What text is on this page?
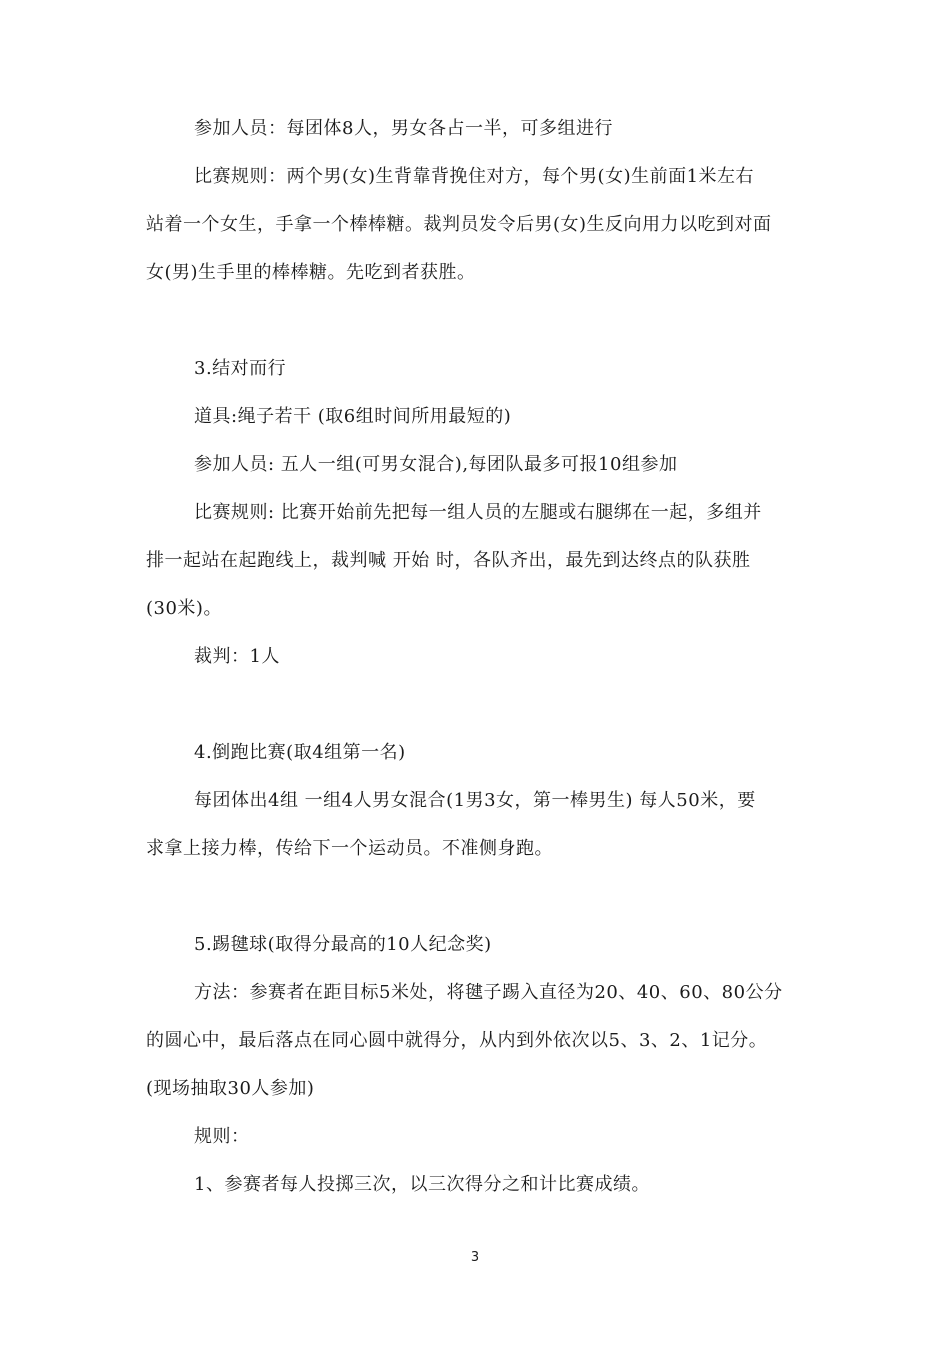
参加人员：每团体8人，男女各占一半，可多组进行
比赛规则：两个男(女)生背靠背挽住对方，每个男(女)生前面1米左右
站着一个女生，手拿一个棒棒糖。裁判员发令后男(女)生反向用力以吃到对面
女(男)生手里的棒棒糖。先吃到者获胜。
3.结对而行
道具:绳子若干 (取6组时间所用最短的)
参加人员: 五人一组(可男女混合),每团队最多可报10组参加
比赛规则: 比赛开始前先把每一组人员的左腿或右腿绑在一起，多组并
排一起站在起跑线上，裁判喊 开始 时，各队齐出，最先到达终点的队获胜
(30米)。
裁判：1人
4.倒跑比赛(取4组第一名)
每团体出4组 一组4人男女混合(1男3女，第一棒男生) 每人50米，要
求拿上接力棒，传给下一个运动员。不准侧身跑。
5.踢毽球(取得分最高的10人纪念奖)
方法：参赛者在距目标5米处，将毽子踢入直径为20、40、60、80公分
的圆心中，最后落点在同心圆中就得分，从内到外依次以5、3、2、1记分。
(现场抽取30人参加)
规则：
1、参赛者每人投掷三次，以三次得分之和计比赛成绩。
3
